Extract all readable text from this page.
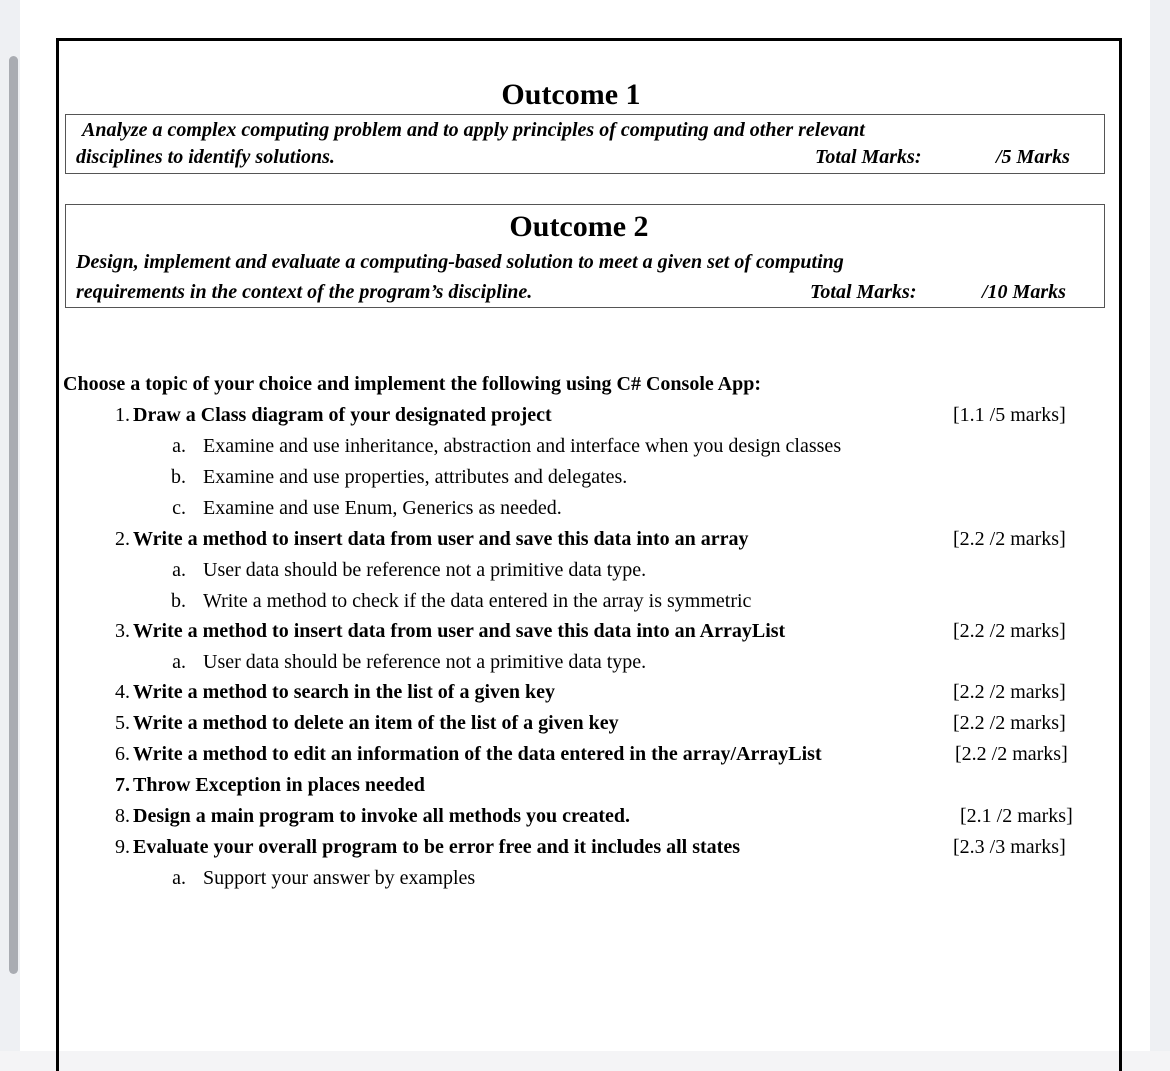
Outcome 1
Analyze a complex computing problem and to apply principles of computing and other relevant
disciplines to identify solutions.	Total Marks:	/5 Marks
Outcome 2
Design, implement and evaluate a computing-based solution to meet a given set of computing
requirements in the context of the program’s discipline.	Total Marks:	/10 Marks
Choose a topic of your choice and implement the following using C# Console App:
1. Draw a Class diagram of your designated project	[1.1 /5 marks]
a. Examine and use inheritance, abstraction and interface when you design classes
b. Examine and use properties, attributes and delegates.
c. Examine and use Enum, Generics as needed.
2. Write a method to insert data from user and save this data into an array	[2.2 /2 marks]
a. User data should be reference not a primitive data type.
b. Write a method to check if the data entered in the array is symmetric
3. Write a method to insert data from user and save this data into an ArrayList	[2.2 /2 marks]
a. User data should be reference not a primitive data type.
4. Write a method to search in the list of a given key	[2.2 /2 marks]
5. Write a method to delete an item of the list of a given key	[2.2 /2 marks]
6. Write a method to edit an information of the data entered in the array/ArrayList	[2.2 /2 marks]
7. Throw Exception in places needed
8. Design a main program to invoke all methods you created.	[2.1 /2 marks]
9. Evaluate your overall program to be error free and it includes all states	[2.3 /3 marks]
a. Support your answer by examples
